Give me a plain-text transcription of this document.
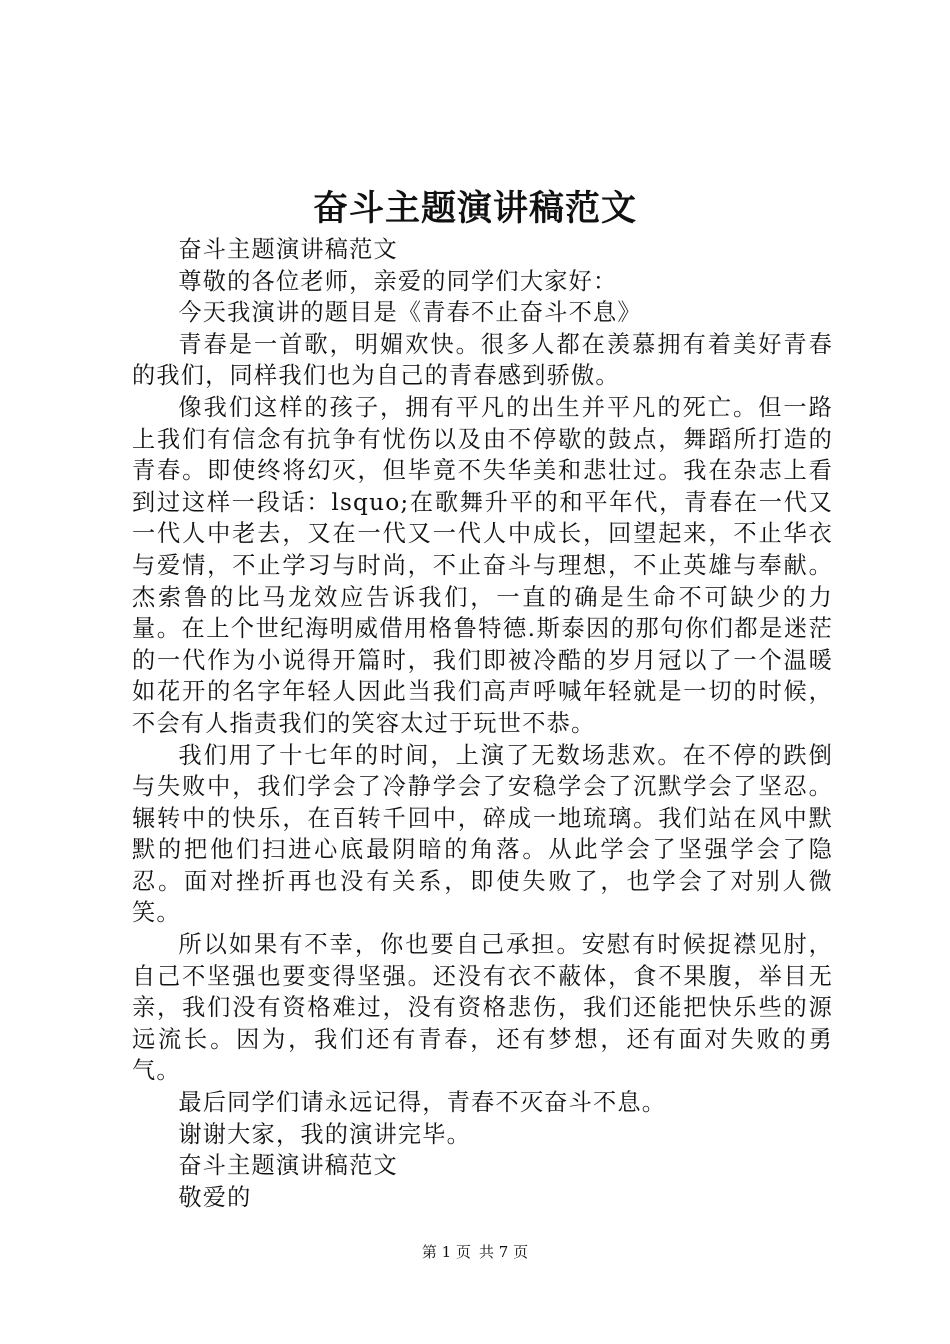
奋斗主题演讲稿范文

奋斗主题演讲稿范文

尊敬的各位老师，亲爱的同学们大家好：

今天我演讲的题目是《青春不止奋斗不息》

青春是一首歌，明媚欢快。很多人都在羡慕拥有着美好青春的我们，同样我们也为自己的青春感到骄傲。

像我们这样的孩子，拥有平凡的出生并平凡的死亡。但一路上我们有信念有抗争有忧伤以及由不停歇的鼓点，舞蹈所打造的青春。即使终将幻灭，但毕竟不失华美和悲壮过。我在杂志上看到过这样一段话：lsquo;在歌舞升平的和平年代，青春在一代又一代人中老去，又在一代又一代人中成长，回望起来，不止华衣与爱情，不止学习与时尚，不止奋斗与理想，不止英雄与奉献。杰索鲁的比马龙效应告诉我们，一直的确是生命不可缺少的力量。在上个世纪海明威借用格鲁特德.斯泰因的那句你们都是迷茫的一代作为小说得开篇时，我们即被冷酷的岁月冠以了一个温暖如花开的名字年轻人因此当我们高声呼喊年轻就是一切的时候，不会有人指责我们的笑容太过于玩世不恭。

我们用了十七年的时间，上演了无数场悲欢。在不停的跌倒与失败中，我们学会了冷静学会了安稳学会了沉默学会了坚忍。辗转中的快乐，在百转千回中，碎成一地琉璃。我们站在风中默默的把他们扫进心底最阴暗的角落。从此学会了坚强学会了隐忍。面对挫折再也没有关系，即使失败了，也学会了对别人微笑。

所以如果有不幸，你也要自己承担。安慰有时候捉襟见肘，自己不坚强也要变得坚强。还没有衣不蔽体，食不果腹，举目无亲，我们没有资格难过，没有资格悲伤，我们还能把快乐些的源远流长。因为，我们还有青春，还有梦想，还有面对失败的勇气。

最后同学们请永远记得，青春不灭奋斗不息。

谢谢大家，我的演讲完毕。

奋斗主题演讲稿范文

敬爱的

第 1 页 共 7 页
